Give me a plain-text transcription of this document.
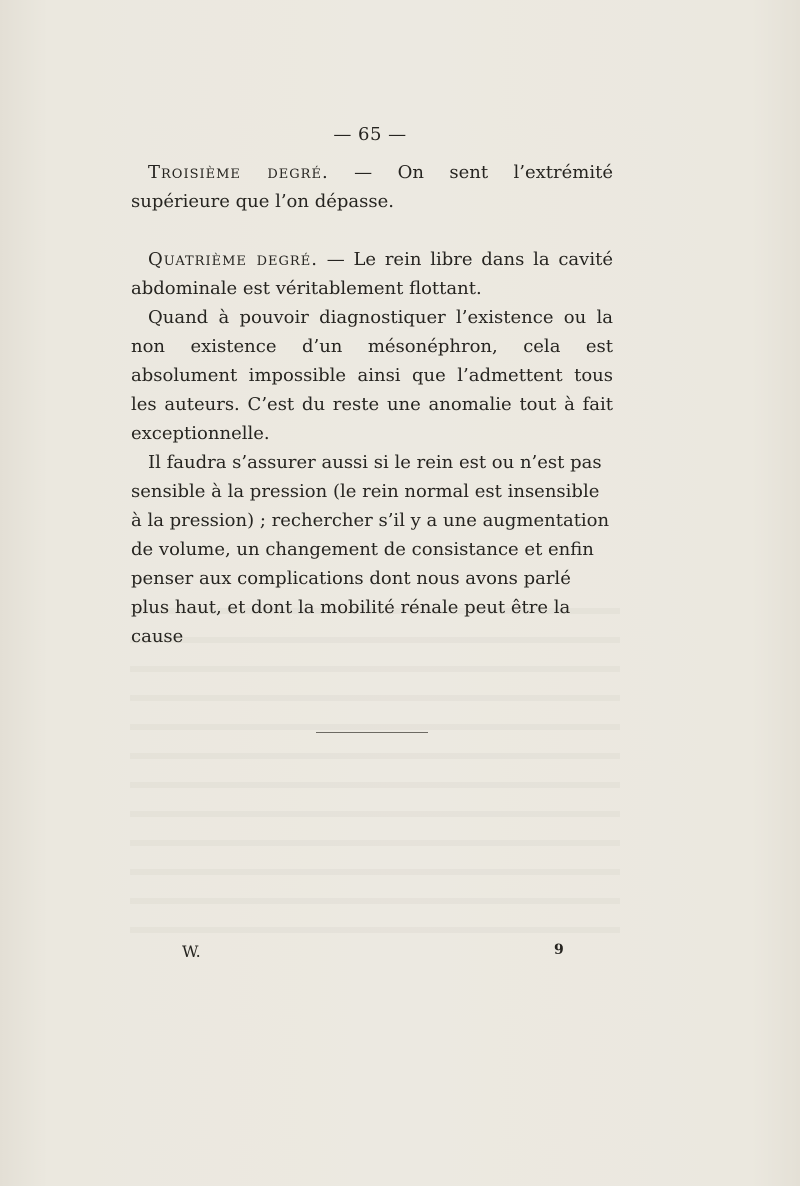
— 65 —

Troisième degré. — On sent l’extrémité supérieure que l’on dépasse.

Quatrième degré. — Le rein libre dans la cavité abdominale est véritablement flottant.

Quand à pouvoir diagnostiquer l’existence ou la non existence d’un mésonéphron, cela est absolument impossible ainsi que l’admettent tous les auteurs. C’est du reste une anomalie tout à fait exceptionnelle.

Il faudra s’assurer aussi si le rein est ou n’est pas sensible à la pression (le rein normal est insensible à la pression) ; rechercher s’il y a une augmentation de volume, un changement de consistance et enfin penser aux complications dont nous avons parlé plus haut, et dont la mobilité rénale peut être la cause

W.	9
